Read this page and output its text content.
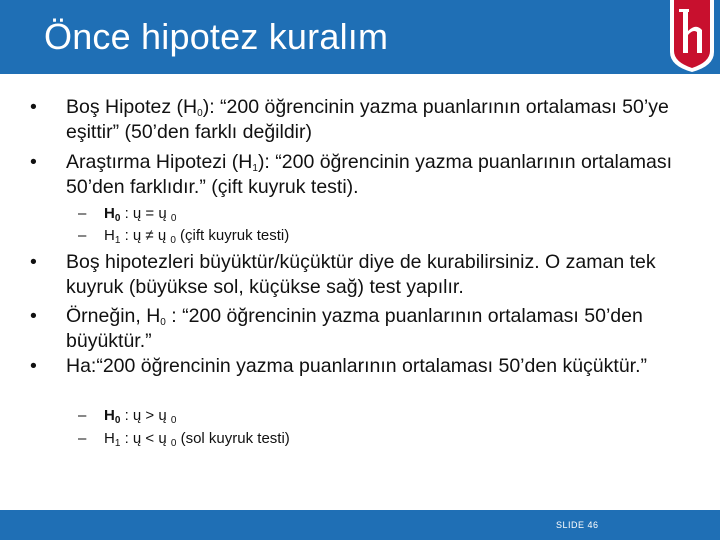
Önce hipotez kuralım
• Boş Hipotez $(H_0)$: “200 öğrencinin yazma puanlarının ortalaması 50’ye eşittir” (50’den farklı değildir)
• Araştırma Hipotezi $(H_1)$: “200 öğrencinin yazma puanlarının ortalaması 50’den farklıdır.” (çift kuyruk testi).
– $H_0$ : ų = ų $_0$
– $H_1$ : ų ≠ ų $_0$ (çift kuyruk testi)
• Boş hipotezleri büyüktür/küçüktür diye de kurabilirsiniz. O zaman tek kuyruk (büyükse sol, küçükse sağ) test yapılır.
• Örneğin, $H_0$ : “200 öğrencinin yazma puanlarının ortalaması 50’den büyüktür.”
• Ha:“200 öğrencinin yazma puanlarının ortalaması 50’den küçüktür.”
– $H_0$ : ų > ų $_0$
– $H_1$ : ų < ų $_0$ (sol kuyruk testi)
SLIDE 46
